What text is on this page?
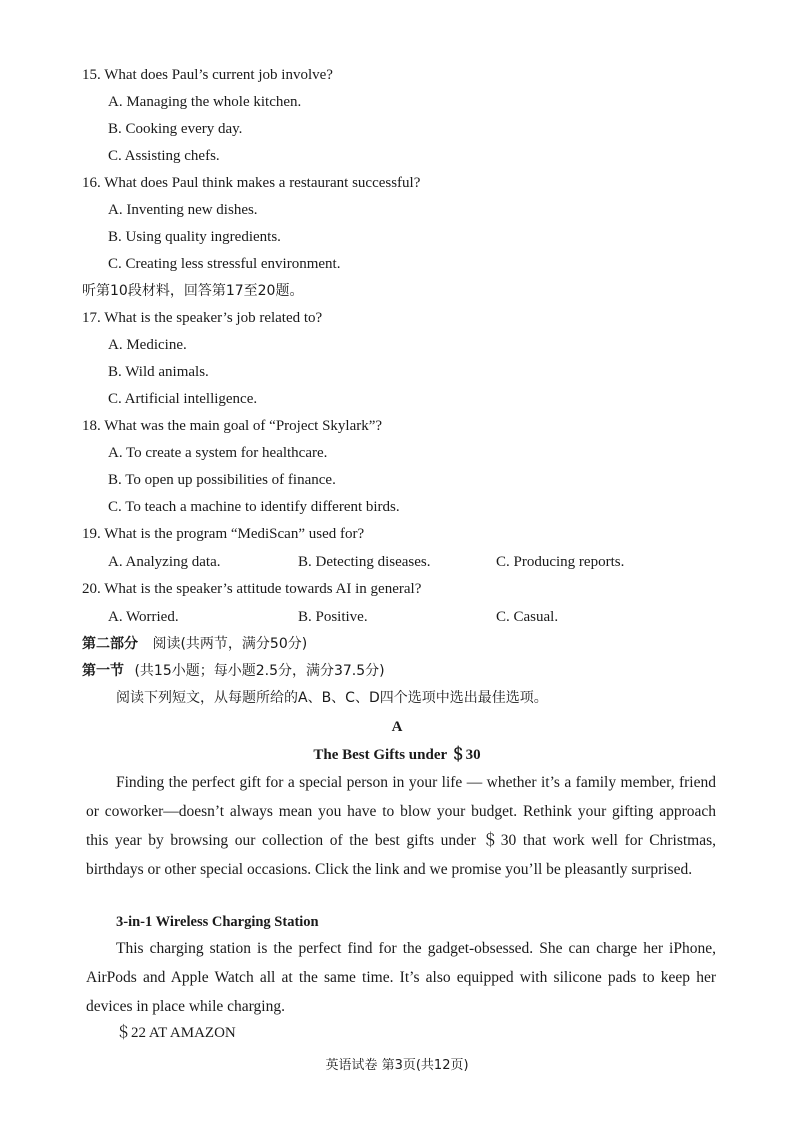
15. What does Paul’s current job involve?
A. Managing the whole kitchen.
B. Cooking every day.
C. Assisting chefs.
16. What does Paul think makes a restaurant successful?
A. Inventing new dishes.
B. Using quality ingredients.
C. Creating less stressful environment.
听第10段材料，回答第17至20题。
17. What is the speaker’s job related to?
A. Medicine.
B. Wild animals.
C. Artificial intelligence.
18. What was the main goal of “Project Skylark”?
A. To create a system for healthcare.
B. To open up possibilities of finance.
C. To teach a machine to identify different birds.
19. What is the program “MediScan” used for?
A. Analyzing data.	B. Detecting diseases.	C. Producing reports.
20. What is the speaker’s attitude towards AI in general?
A. Worried.	B. Positive.	C. Casual.
第二部分 阅读(共两节，满分50分)
第一节 (共15小题；每小题2.5分，满分37.5分)
阅读下列短文，从每题所给的A、B、C、D四个选项中选出最佳选项。
A
The Best Gifts under ＄30
Finding the perfect gift for a special person in your life — whether it’s a family member, friend or coworker—doesn’t always mean you have to blow your budget. Rethink your gifting approach this year by browsing our collection of the best gifts under ＄30 that work well for Christmas, birthdays or other special occasions. Click the link and we promise you’ll be pleasantly surprised.
3-in-1 Wireless Charging Station
This charging station is the perfect find for the gadget-obsessed. She can charge her iPhone, AirPods and Apple Watch all at the same time. It’s also equipped with silicone pads to keep her devices in place while charging.
＄22 AT AMAZON
英语试卷 第3页(共12页)
